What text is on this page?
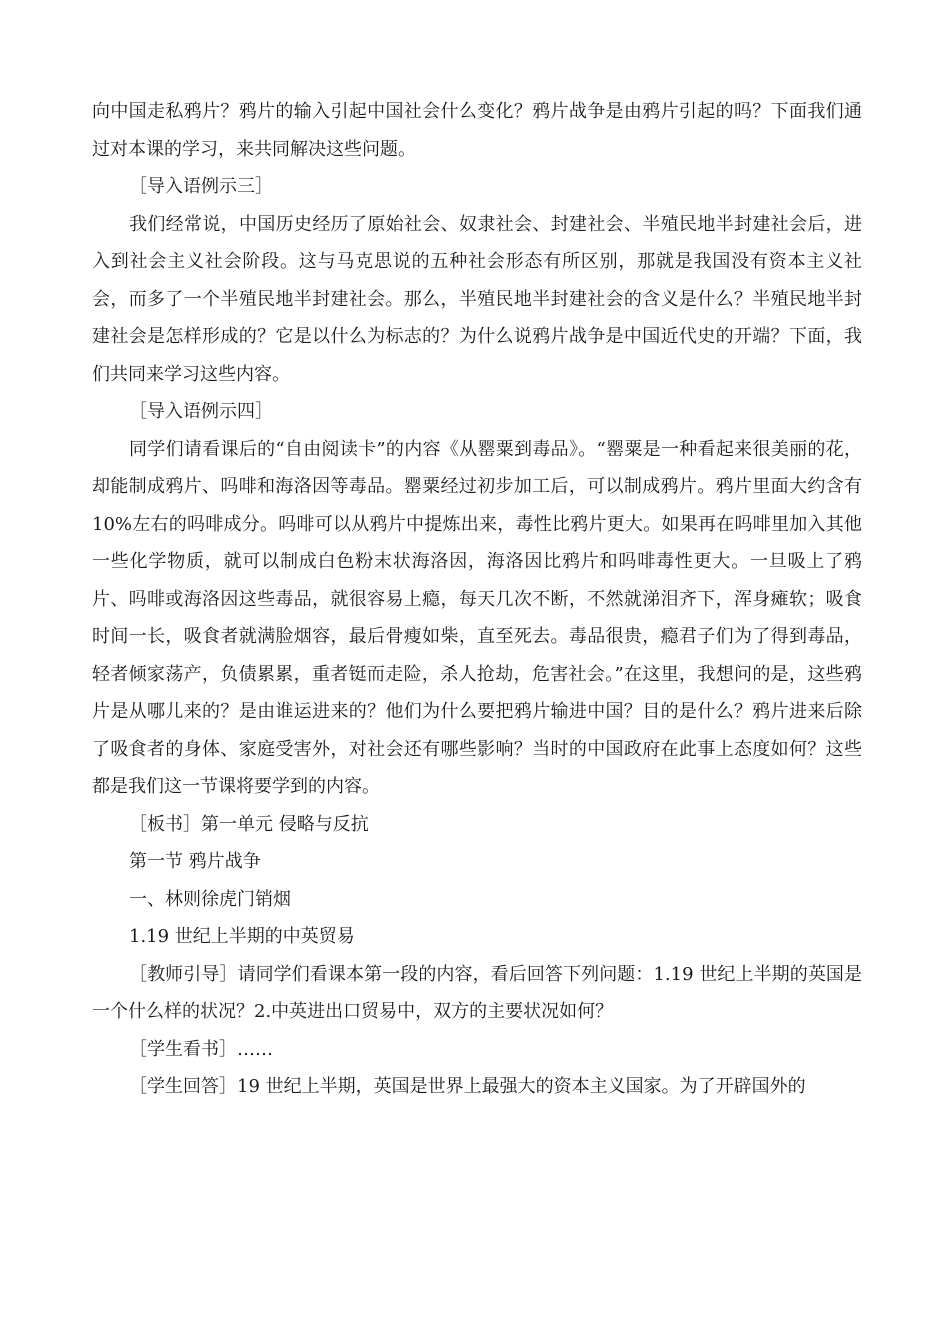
向中国走私鸦片？鸦片的输入引起中国社会什么变化？鸦片战争是由鸦片引起的吗？下面我们通过对本课的学习，来共同解决这些问题。

［导入语例示三］

我们经常说，中国历史经历了原始社会、奴隶社会、封建社会、半殖民地半封建社会后，进入到社会主义社会阶段。这与马克思说的五种社会形态有所区别，那就是我国没有资本主义社会，而多了一个半殖民地半封建社会。那么，半殖民地半封建社会的含义是什么？半殖民地半封建社会是怎样形成的？它是以什么为标志的？为什么说鸦片战争是中国近代史的开端？下面，我们共同来学习这些内容。

［导入语例示四］

同学们请看课后的“自由阅读卡”的内容《从罂粟到毒品》。“罂粟是一种看起来很美丽的花，却能制成鸦片、吗啡和海洛因等毒品。罂粟经过初步加工后，可以制成鸦片。鸦片里面大约含有 10%左右的吗啡成分。吗啡可以从鸦片中提炼出来，毒性比鸦片更大。如果再在吗啡里加入其他一些化学物质，就可以制成白色粉末状海洛因，海洛因比鸦片和吗啡毒性更大。一旦吸上了鸦片、吗啡或海洛因这些毒品，就很容易上瘾，每天几次不断，不然就涕泪齐下，浑身瘫软；吸食时间一长，吸食者就满脸烟容，最后骨瘦如柴，直至死去。毒品很贵，瘾君子们为了得到毒品，轻者倾家荡产，负债累累，重者铤而走险，杀人抢劫，危害社会。”在这里，我想问的是，这些鸦片是从哪儿来的？是由谁运进来的？他们为什么要把鸦片输进中国？目的是什么？鸦片进来后除了吸食者的身体、家庭受害外，对社会还有哪些影响？当时的中国政府在此事上态度如何？这些都是我们这一节课将要学到的内容。

［板书］第一单元 侵略与反抗

第一节 鸦片战争

一、林则徐虎门销烟

1.19 世纪上半期的中英贸易

［教师引导］请同学们看课本第一段的内容，看后回答下列问题：1.19 世纪上半期的英国是一个什么样的状况？2.中英进出口贸易中，双方的主要状况如何？

［学生看书］……

［学生回答］19 世纪上半期，英国是世界上最强大的资本主义国家。为了开辟国外的
